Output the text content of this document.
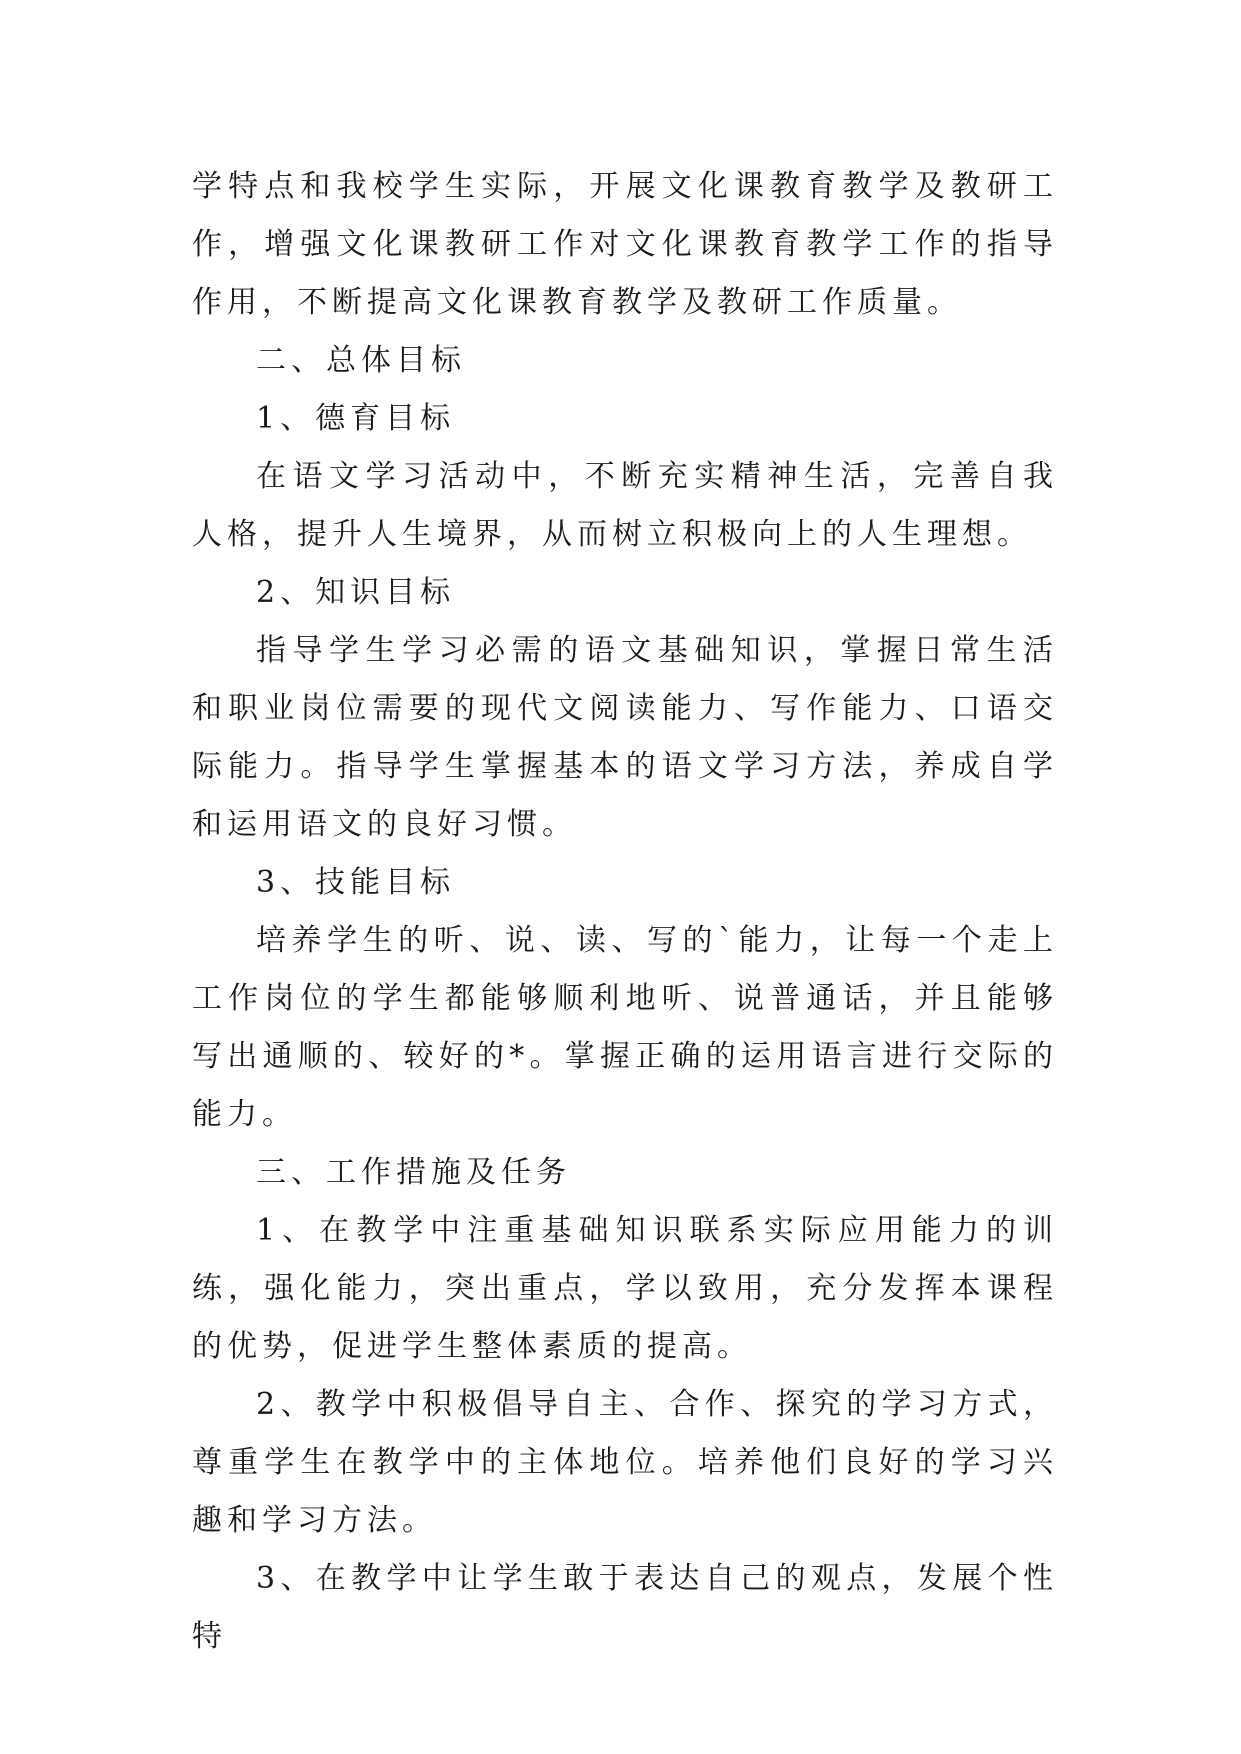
学特点和我校学生实际，开展文化课教育教学及教研工作，增强文化课教研工作对文化课教育教学工作的指导作用，不断提高文化课教育教学及教研工作质量。

二、总体目标

1、德育目标

在语文学习活动中，不断充实精神生活，完善自我人格，提升人生境界，从而树立积极向上的人生理想。

2、知识目标

指导学生学习必需的语文基础知识，掌握日常生活和职业岗位需要的现代文阅读能力、写作能力、口语交际能力。指导学生掌握基本的语文学习方法，养成自学和运用语文的良好习惯。

3、技能目标

培养学生的听、说、读、写的`能力，让每一个走上工作岗位的学生都能够顺利地听、说普通话，并且能够写出通顺的、较好的*。掌握正确的运用语言进行交际的能力。

三、工作措施及任务

1、在教学中注重基础知识联系实际应用能力的训练，强化能力，突出重点，学以致用，充分发挥本课程的优势，促进学生整体素质的提高。

2、教学中积极倡导自主、合作、探究的学习方式，尊重学生在教学中的主体地位。培养他们良好的学习兴趣和学习方法。

3、在教学中让学生敢于表达自己的观点，发展个性特
